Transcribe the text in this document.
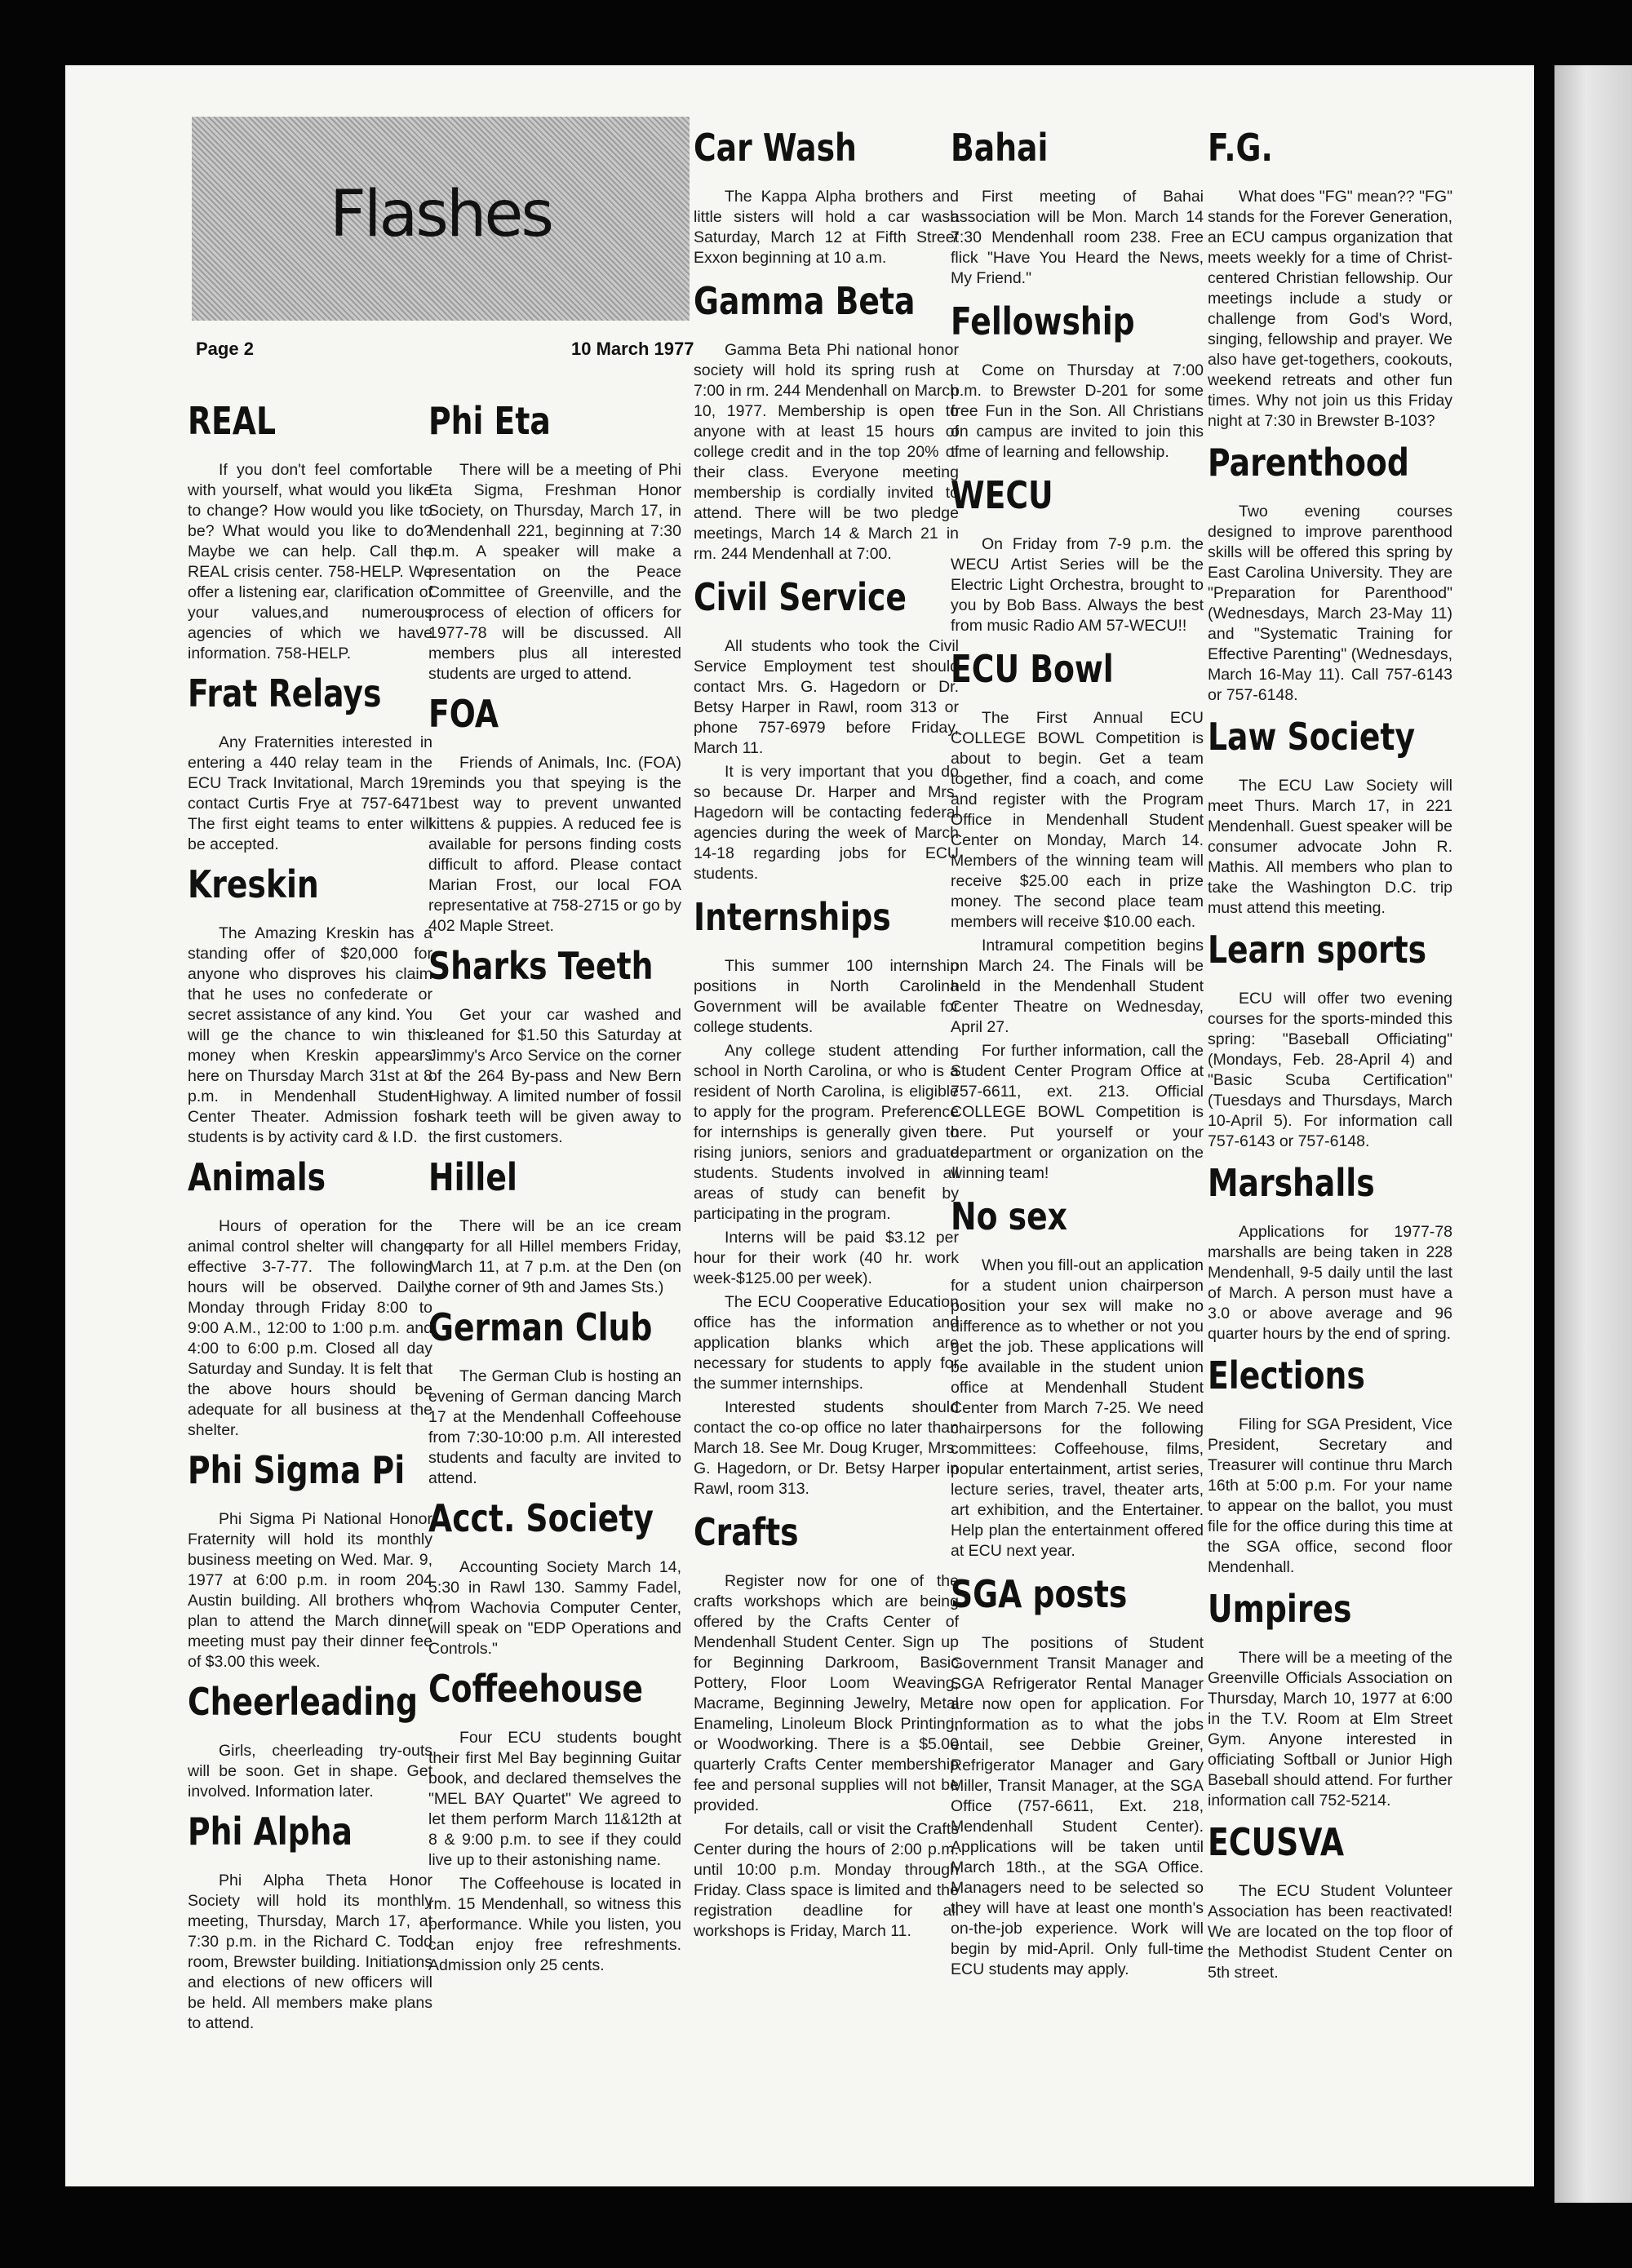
Flashes
Page 2	10 March 1977
REAL

If you don't feel comfortable with yourself, what would you like to change? How would you like to be? What would you like to do? Maybe we can help. Call the REAL crisis center. 758-HELP. We offer a listening ear, clarification of your values,and numerous agencies of which we have information. 758-HELP.

Frat Relays

Any Fraternities interested in entering a 440 relay team in the ECU Track Invitational, March 19, contact Curtis Frye at 757-6471. The first eight teams to enter will be accepted.

Kreskin

The Amazing Kreskin has a standing offer of $20,000 for anyone who disproves his claim that he uses no confederate or secret assistance of any kind. You will ge the chance to win this money when Kreskin appears here on Thursday March 31st at 8 p.m. in Mendenhall Student Center Theater. Admission for students is by activity card & I.D.

Animals

Hours of operation for the animal control shelter will change effective 3-7-77. The following hours will be observed. Daily Monday through Friday 8:00 to 9:00 A.M., 12:00 to 1:00 p.m. and 4:00 to 6:00 p.m. Closed all day Saturday and Sunday. It is felt that the above hours should be adequate for all business at the shelter.

Phi Sigma Pi

Phi Sigma Pi National Honor Fraternity will hold its monthly business meeting on Wed. Mar. 9, 1977 at 6:00 p.m. in room 204 Austin building. All brothers who plan to attend the March dinner meeting must pay their dinner fee of $3.00 this week.

Cheerleading

Girls, cheerleading try-outs will be soon. Get in shape. Get involved. Information later.

Phi Alpha

Phi Alpha Theta Honor Society will hold its monthly meeting, Thursday, March 17, at 7:30 p.m. in the Richard C. Todd room, Brewster building. Initiations and elections of new officers will be held. All members make plans to attend.

Phi Eta

There will be a meeting of Phi Eta Sigma, Freshman Honor Society, on Thursday, March 17, in Mendenhall 221, beginning at 7:30 p.m. A speaker will make a presentation on the Peace Committee of Greenville, and the process of election of officers for 1977-78 will be discussed. All members plus all interested students are urged to attend.

FOA

Friends of Animals, Inc. (FOA) reminds you that speying is the best way to prevent unwanted kittens & puppies. A reduced fee is available for persons finding costs difficult to afford. Please contact Marian Frost, our local FOA representative at 758-2715 or go by 402 Maple Street.

Sharks Teeth

Get your car washed and cleaned for $1.50 this Saturday at Jimmy's Arco Service on the corner of the 264 By-pass and New Bern Highway. A limited number of fossil shark teeth will be given away to the first customers.

Hillel

There will be an ice cream party for all Hillel members Friday, March 11, at 7 p.m. at the Den (on the corner of 9th and James Sts.)

German Club

The German Club is hosting an evening of German dancing March 17 at the Mendenhall Coffeehouse from 7:30-10:00 p.m. All interested students and faculty are invited to attend.

Acct. Society

Accounting Society March 14, 5:30 in Rawl 130. Sammy Fadel, from Wachovia Computer Center, will speak on "EDP Operations and Controls."

Coffeehouse

Four ECU students bought their first Mel Bay beginning Guitar book, and declared themselves the "MEL BAY Quartet" We agreed to let them perform March 11&12th at 8 & 9:00 p.m. to see if they could live up to their astonishing name.

The Coffeehouse is located in rm. 15 Mendenhall, so witness this performance. While you listen, you can enjoy free refreshments. Admission only 25 cents.

Car Wash

The Kappa Alpha brothers and little sisters will hold a car wash Saturday, March 12 at Fifth Street Exxon beginning at 10 a.m.

Gamma Beta

Gamma Beta Phi national honor society will hold its spring rush at 7:00 in rm. 244 Mendenhall on March 10, 1977. Membership is open to anyone with at least 15 hours of college credit and in the top 20% of their class. Everyone meeting membership is cordially invited to attend. There will be two pledge meetings, March 14 & March 21 in rm. 244 Mendenhall at 7:00.

Civil Service

All students who took the Civil Service Employment test should contact Mrs. G. Hagedorn or Dr. Betsy Harper in Rawl, room 313 or phone 757-6979 before Friday, March 11.

It is very important that you do so because Dr. Harper and Mrs. Hagedorn will be contacting federal agencies during the week of March 14-18 regarding jobs for ECU students.

Internships

This summer 100 internship positions in North Carolina Government will be available for college students.

Any college student attending school in North Carolina, or who is a resident of North Carolina, is eligible to apply for the program. Preference for internships is generally given to rising juniors, seniors and graduate students. Students involved in all areas of study can benefit by participating in the program.

Interns will be paid $3.12 per hour for their work (40 hr. work week-$125.00 per week).

The ECU Cooperative Education office has the information and application blanks which are necessary for students to apply for the summer internships.

Interested students should contact the co-op office no later than March 18. See Mr. Doug Kruger, Mrs. G. Hagedorn, or Dr. Betsy Harper in Rawl, room 313.

Crafts

Register now for one of the crafts workshops which are being offered by the Crafts Center of Mendenhall Student Center. Sign up for Beginning Darkroom, Basic Pottery, Floor Loom Weaving, Macrame, Beginning Jewelry, Metal Enameling, Linoleum Block Printing, or Woodworking. There is a $5.00 quarterly Crafts Center membership fee and personal supplies will not be provided.

For details, call or visit the Crafts Center during the hours of 2:00 p.m. until 10:00 p.m. Monday through Friday. Class space is limited and the registration deadline for all workshops is Friday, March 11.

Bahai

First meeting of Bahai association will be Mon. March 14 7:30 Mendenhall room 238. Free flick "Have You Heard the News, My Friend."

Fellowship

Come on Thursday at 7:00 p.m. to Brewster D-201 for some free Fun in the Son. All Christians on campus are invited to join this time of learning and fellowship.

WECU

On Friday from 7-9 p.m. the WECU Artist Series will be the Electric Light Orchestra, brought to you by Bob Bass. Always the best from music Radio AM 57-WECU!!

ECU Bowl

The First Annual ECU COLLEGE BOWL Competition is about to begin. Get a team together, find a coach, and come and register with the Program Office in Mendenhall Student Center on Monday, March 14. Members of the winning team will receive $25.00 each in prize money. The second place team members will receive $10.00 each.

Intramural competition begins on March 24. The Finals will be held in the Mendenhall Student Center Theatre on Wednesday, April 27.

For further information, call the Student Center Program Office at 757-6611, ext. 213. Official COLLEGE BOWL Competition is here. Put yourself or your department or organization on the winning team!

No sex

When you fill-out an application for a student union chairperson position your sex will make no difference as to whether or not you get the job. These applications will be available in the student union office at Mendenhall Student Center from March 7-25. We need chairpersons for the following committees: Coffeehouse, films, popular entertainment, artist series, lecture series, travel, theater arts, art exhibition, and the Entertainer. Help plan the entertainment offered at ECU next year.

SGA posts

The positions of Student Government Transit Manager and SGA Refrigerator Rental Manager are now open for application. For information as to what the jobs entail, see Debbie Greiner, Refrigerator Manager and Gary Miller, Transit Manager, at the SGA Office (757-6611, Ext. 218, Mendenhall Student Center). Applications will be taken until March 18th., at the SGA Office. Managers need to be selected so they will have at least one month's on-the-job experience. Work will begin by mid-April. Only full-time ECU students may apply.

F.G.

What does "FG" mean?? "FG" stands for the Forever Generation, an ECU campus organization that meets weekly for a time of Christ-centered Christian fellowship. Our meetings include a study or challenge from God's Word, singing, fellowship and prayer. We also have get-togethers, cookouts, weekend retreats and other fun times. Why not join us this Friday night at 7:30 in Brewster B-103?

Parenthood

Two evening courses designed to improve parenthood skills will be offered this spring by East Carolina University. They are "Preparation for Parenthood" (Wednesdays, March 23-May 11) and "Systematic Training for Effective Parenting" (Wednesdays, March 16-May 11). Call 757-6143 or 757-6148.

Law Society

The ECU Law Society will meet Thurs. March 17, in 221 Mendenhall. Guest speaker will be consumer advocate John R. Mathis. All members who plan to take the Washington D.C. trip must attend this meeting.

Learn sports

ECU will offer two evening courses for the sports-minded this spring: "Baseball Officiating" (Mondays, Feb. 28-April 4) and "Basic Scuba Certification" (Tuesdays and Thursdays, March 10-April 5). For information call 757-6143 or 757-6148.

Marshalls

Applications for 1977-78 marshalls are being taken in 228 Mendenhall, 9-5 daily until the last of March. A person must have a 3.0 or above average and 96 quarter hours by the end of spring.

Elections

Filing for SGA President, Vice President, Secretary and Treasurer will continue thru March 16th at 5:00 p.m. For your name to appear on the ballot, you must file for the office during this time at the SGA office, second floor Mendenhall.

Umpires

There will be a meeting of the Greenville Officials Association on Thursday, March 10, 1977 at 6:00 in the T.V. Room at Elm Street Gym. Anyone interested in officiating Softball or Junior High Baseball should attend. For further information call 752-5214.

ECUSVA

The ECU Student Volunteer Association has been reactivated! We are located on the top floor of the Methodist Student Center on 5th street.
